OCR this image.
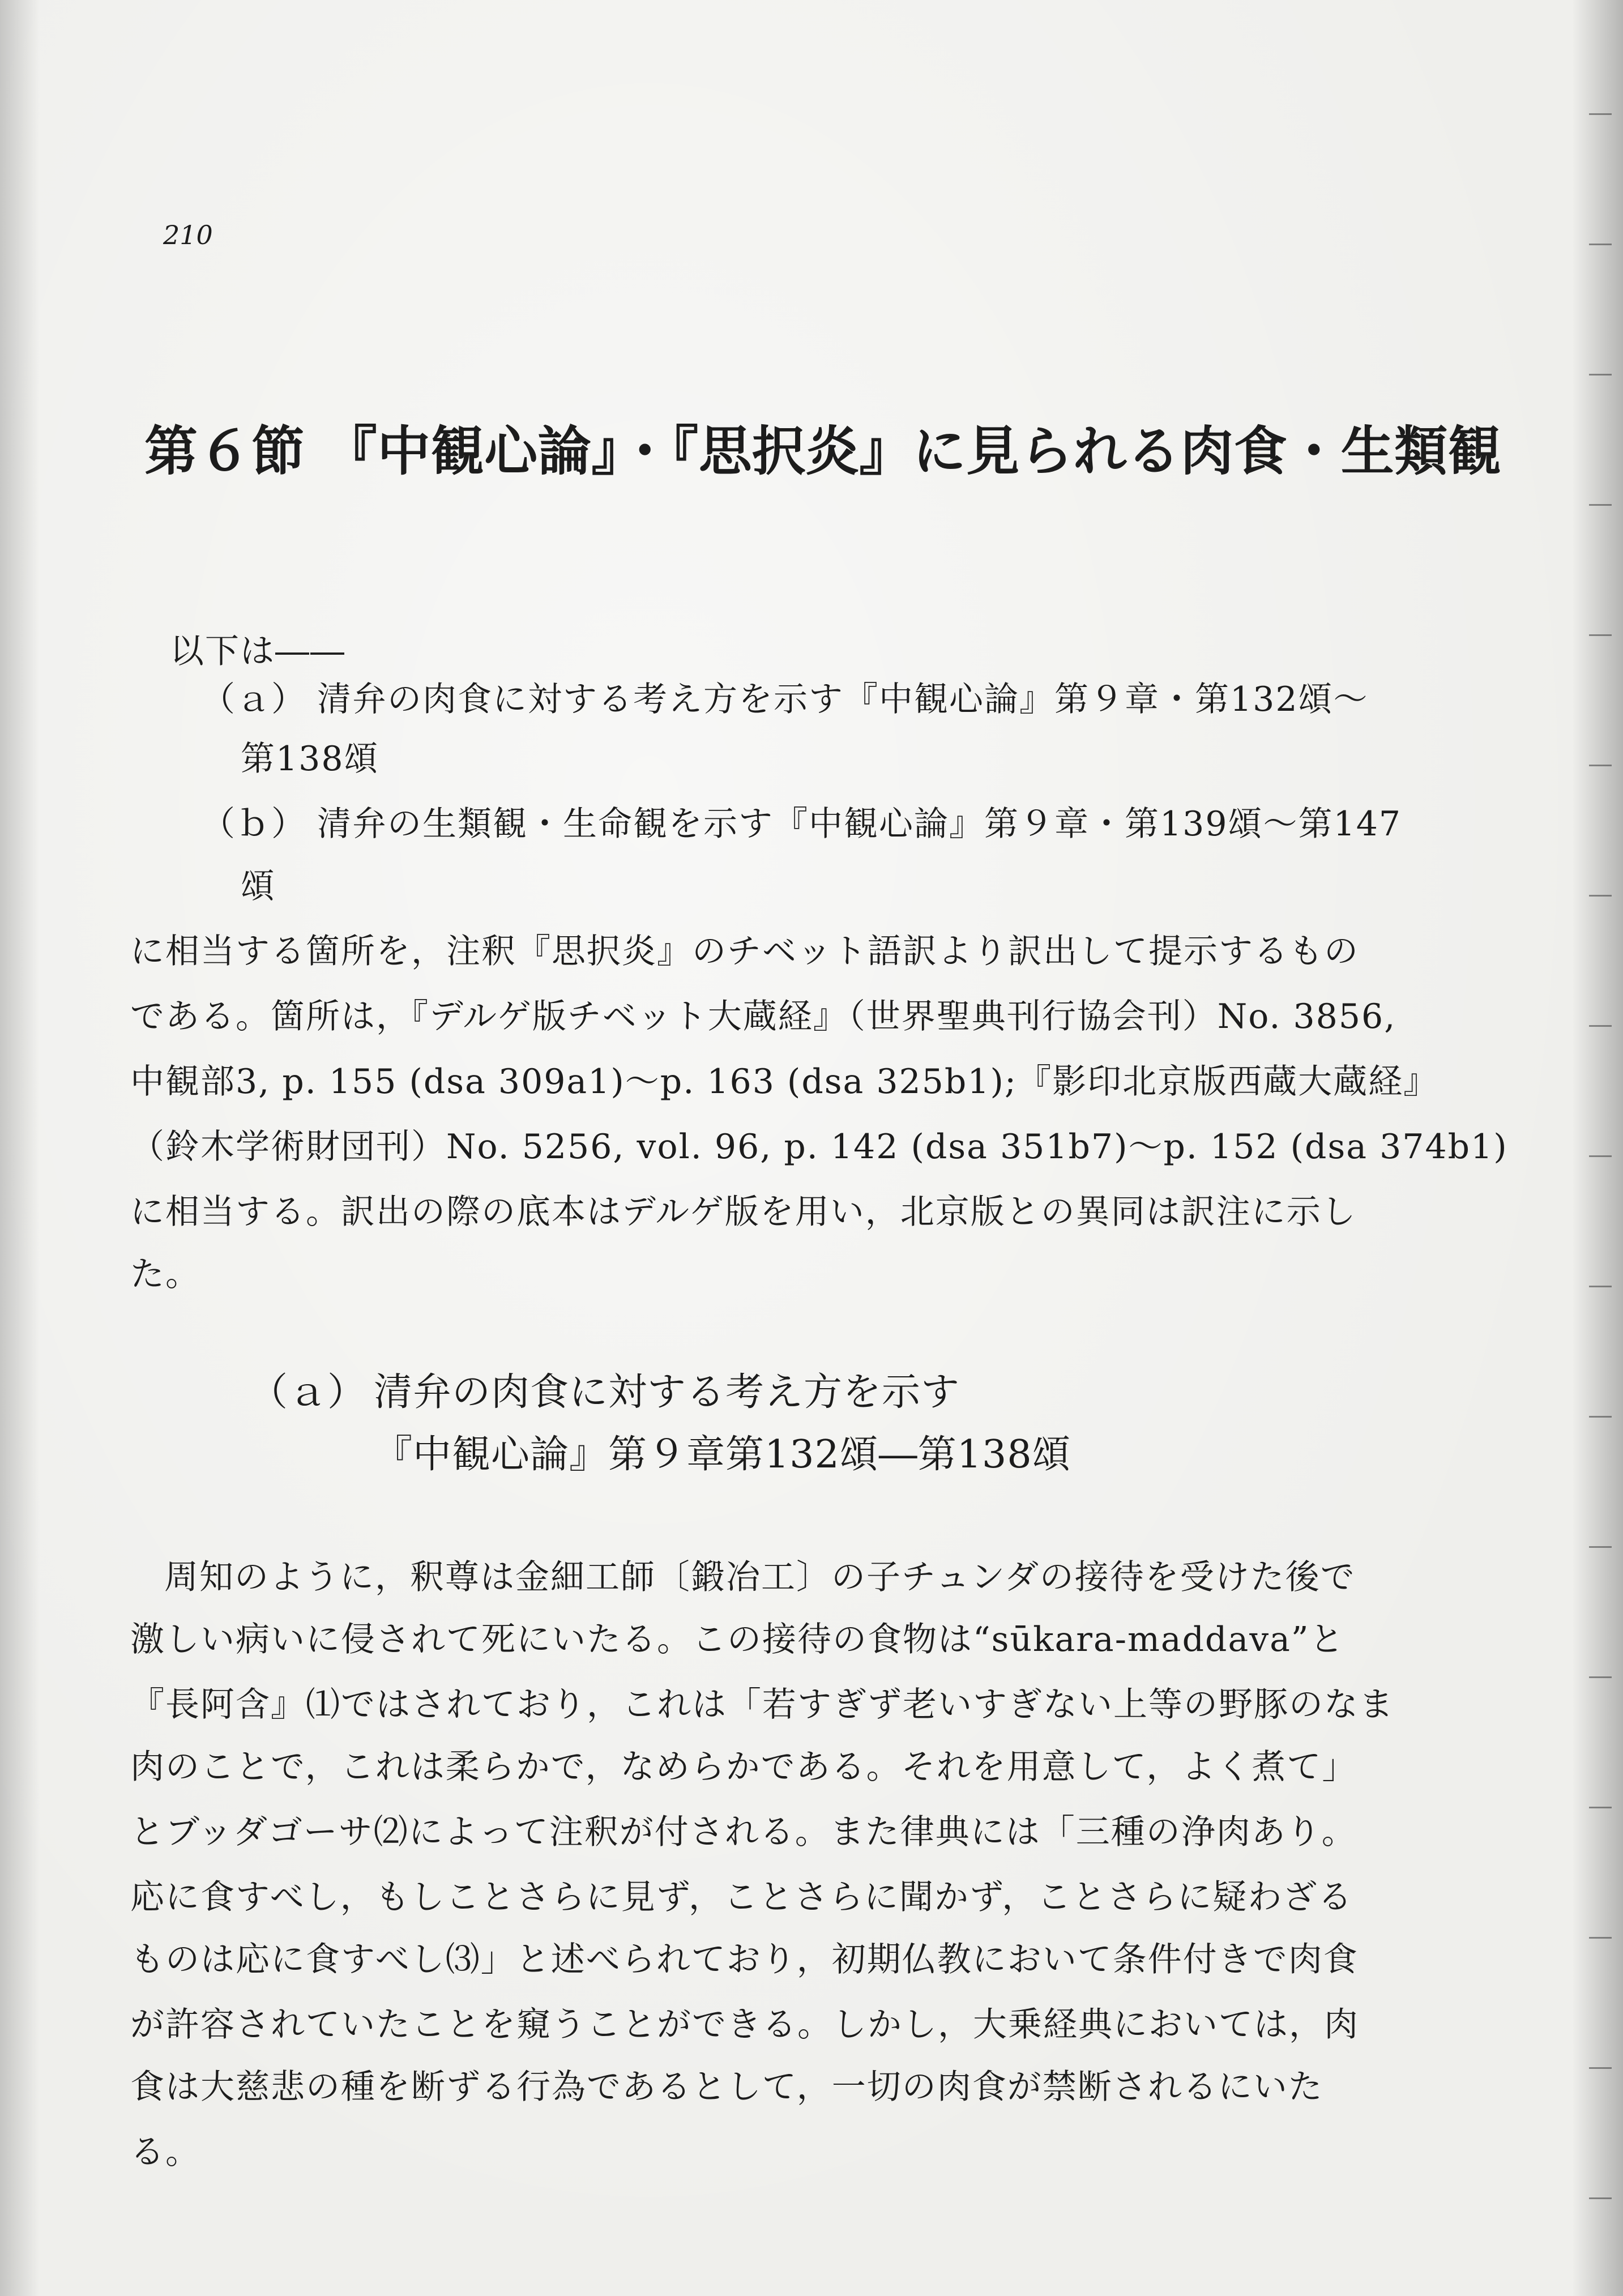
210

第６節 『中観心論』・『思択炎』に見られる肉食・生類観

以下は――

（ａ） 清弁の肉食に対する考え方を示す『中観心論』第９章・第132頌～

第138頌

（ｂ） 清弁の生類観・生命観を示す『中観心論』第９章・第139頌～第147

頌

に相当する箇所を，注釈『思択炎』のチベット語訳より訳出して提示するもの

である。箇所は，『デルゲ版チベット大蔵経』（世界聖典刊行協会刊）No. 3856,

中観部3, p. 155 (dsa 309a1)～p. 163 (dsa 325b1);『影印北京版西蔵大蔵経』

（鈴木学術財団刊）No. 5256, vol. 96, p. 142 (dsa 351b7)～p. 152 (dsa 374b1)

に相当する。訳出の際の底本はデルゲ版を用い，北京版との異同は訳注に示し

た。

（ａ） 清弁の肉食に対する考え方を示す

『中観心論』第９章第132頌―第138頌

周知のように，釈尊は金細工師〔鍛冶工〕の子チュンダの接待を受けた後で

激しい病いに侵されて死にいたる。この接待の食物は“sūkara-maddava”と

『長阿含』⑴ではされており，これは「若すぎず老いすぎない上等の野豚のなま

肉のことで，これは柔らかで，なめらかである。それを用意して，よく煮て」

とブッダゴーサ⑵によって注釈が付される。また律典には「三種の浄肉あり。

応に食すべし，もしことさらに見ず，ことさらに聞かず，ことさらに疑わざる

ものは応に食すべし⑶」と述べられており，初期仏教において条件付きで肉食

が許容されていたことを窺うことができる。しかし，大乗経典においては，肉

食は大慈悲の種を断ずる行為であるとして，一切の肉食が禁断されるにいた

る。
